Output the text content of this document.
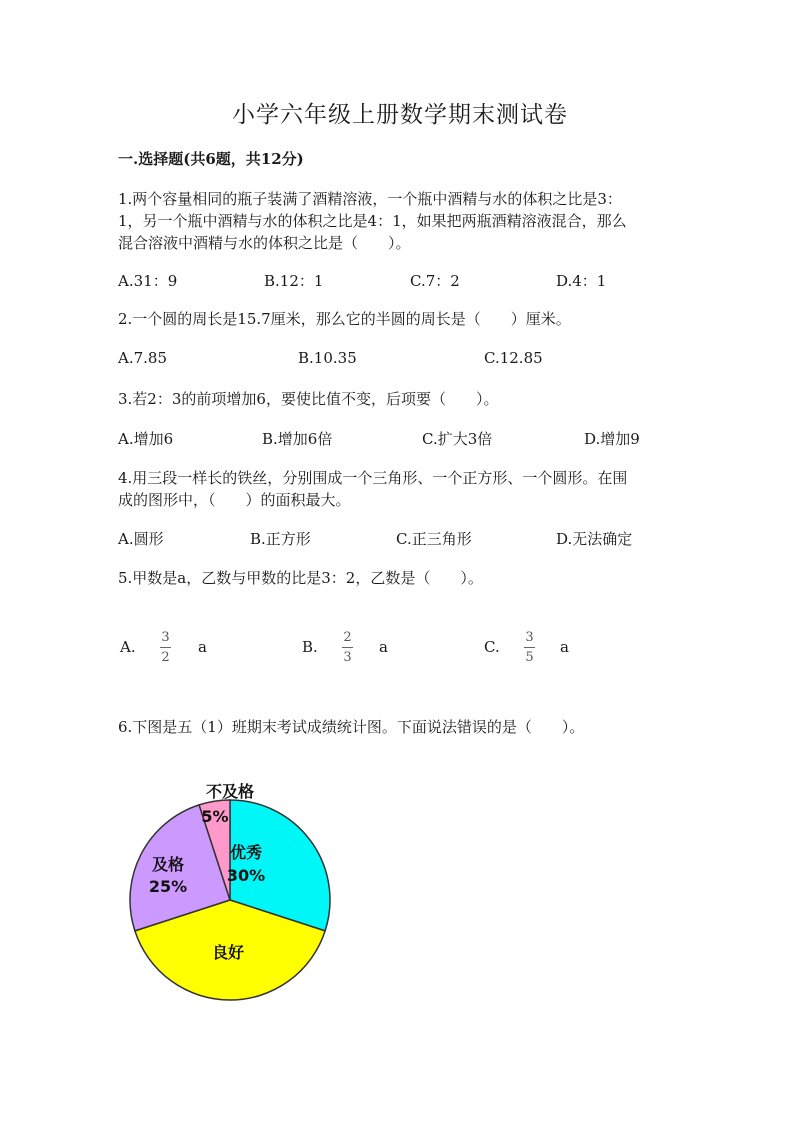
小学六年级上册数学期末测试卷
一.选择题(共6题，共12分)
1.两个容量相同的瓶子装满了酒精溶液，一个瓶中酒精与水的体积之比是3：
1，另一个瓶中酒精与水的体积之比是4：1，如果把两瓶酒精溶液混合，那么
混合溶液中酒精与水的体积之比是（　　）。
A.31：9	B.12：1	C.7：2	D.4：1
2.一个圆的周长是15.7厘米，那么它的半圆的周长是（　　）厘米。
A.7.85	B.10.35	C.12.85
3.若2：3的前项增加6，要使比值不变，后项要（　　）。
A.增加6	B.增加6倍	C.扩大3倍	D.增加9
4.用三段一样长的铁丝，分别围成一个三角形、一个正方形、一个圆形。在围
成的图形中，（　　）的面积最大。
A.圆形	B.正方形	C.正三角形	D.无法确定
5.甲数是a，乙数与甲数的比是3：2，乙数是（　　）。
A.
3
2
a	B.
2
3
a	C.
3
5
a
6.下图是五（1）班期末考试成绩统计图。下面说法错误的是（　　）。
优秀
30%
良好
及格
25%
不及格
5%
